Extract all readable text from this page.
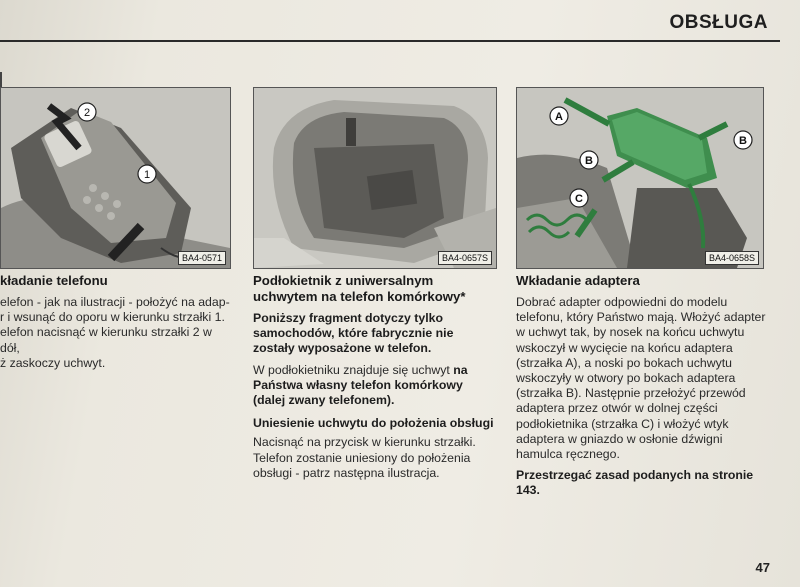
OBSŁUGA
2
1
BA4-0571	BA4-0657S
A
B
B
C
BA4-0658S
kładanie telefonu
elefon - jak na ilustracji - położyć na adap-
r i wsunąć do oporu w kierunku strzałki 1.
elefon nacisnąć w kierunku strzałki 2 w dół,
ż zaskoczy uchwyt.
Podłokietnik z uniwersalnym uchwytem na telefon komórkowy*

Poniższy fragment dotyczy tylko samochodów, które fabrycznie nie zostały wyposażone w telefon.

W podłokietniku znajduje się uchwyt na Państwa własny telefon komórkowy (dalej zwany telefonem).

Uniesienie uchwytu do położenia obsługi

Nacisnąć na przycisk w kierunku strzałki. Telefon zostanie uniesiony do położenia obsługi - patrz następna ilustracja.

Wkładanie adaptera

Dobrać adapter odpowiedni do modelu telefonu, który Państwo mają. Włożyć adapter w uchwyt tak, by nosek na końcu uchwytu wskoczył w wycięcie na końcu adaptera (strzałka A), a noski po bokach uchwytu wskoczyły w otwory po bokach adaptera (strzałka B). Następnie przełożyć przewód adaptera przez otwór w dolnej części podłokietnika (strzałka C) i włożyć wtyk adaptera w gniazdo w osłonie dźwigni hamulca ręcznego.

Przestrzegać zasad podanych na stronie 143.

47
